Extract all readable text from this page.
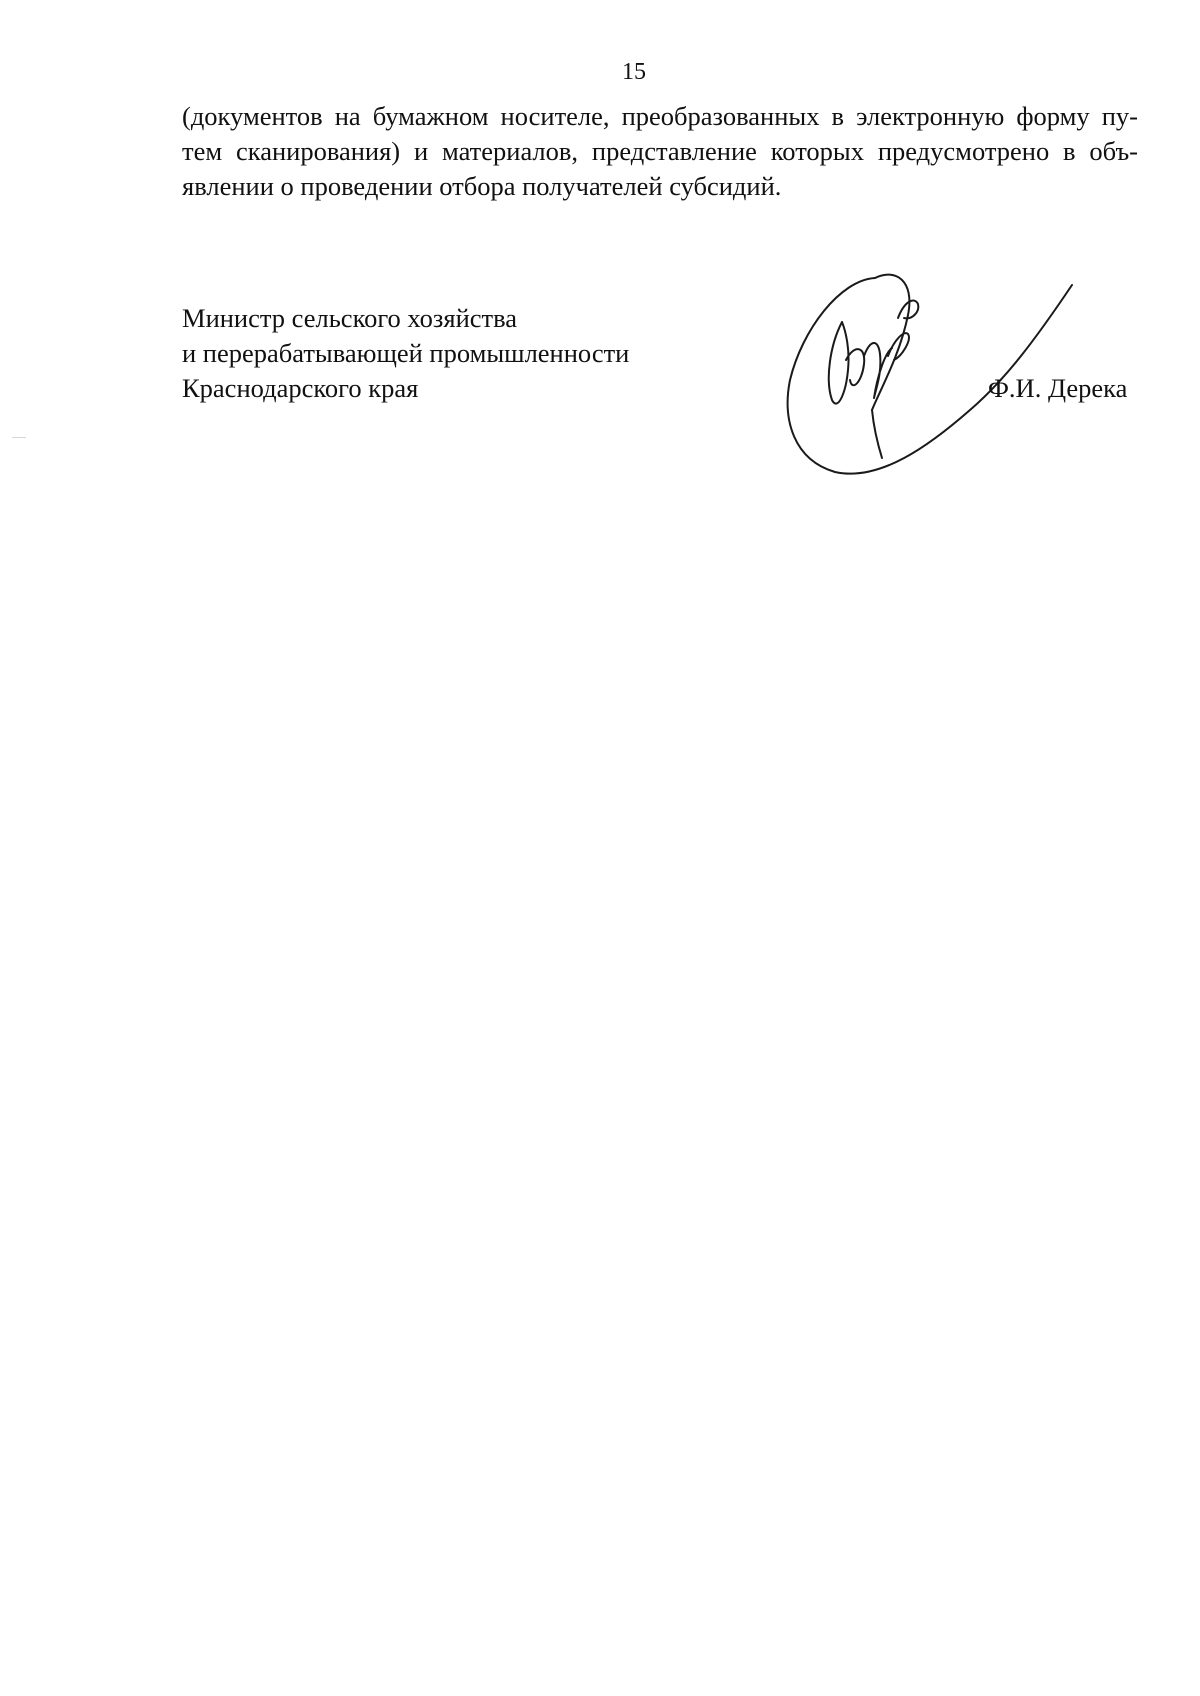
15
(документов на бумажном носителе, преобразованных в электронную форму пу-
тем сканирования) и материалов, представление которых предусмотрено в объ-
явлении о проведении отбора получателей субсидий.
Министр сельского хозяйства
и перерабатывающей промышленности
Краснодарского края	Ф.И. Дерека
